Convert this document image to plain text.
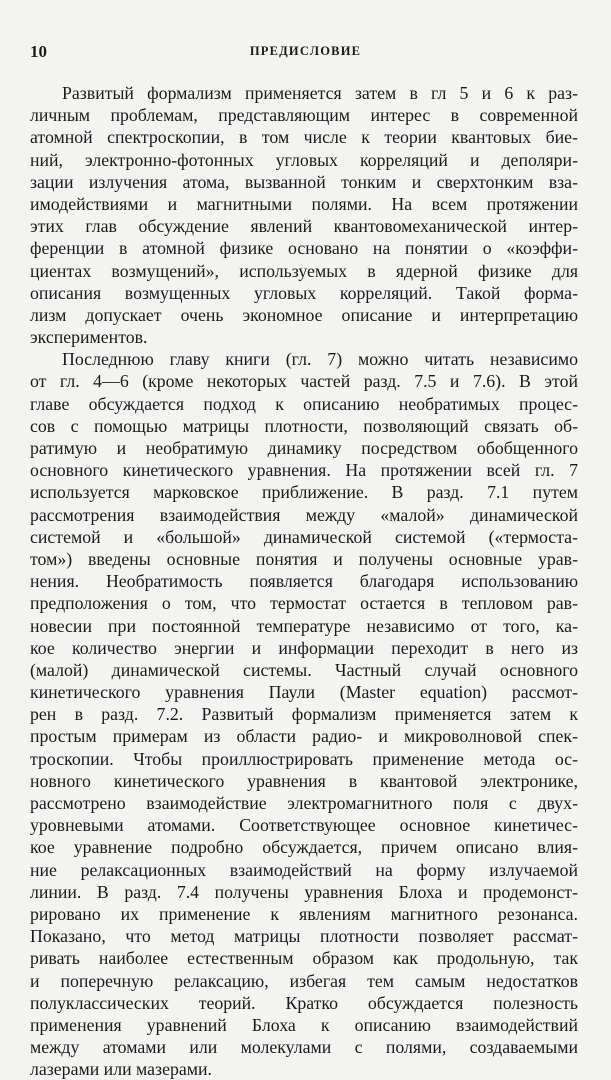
10	ПРЕДИСЛОВИЕ
Развитый формализм применяется затем в гл 5 и 6 к раз-
личным проблемам, представляющим интерес в современной
атомной спектроскопии, в том числе к теории квантовых бие-
ний, электронно-фотонных угловых корреляций и деполяри-
зации излучения атома, вызванной тонким и сверхтонким вза-
имодействиями и магнитными полями. На всем протяжении
этих глав обсуждение явлений квантовомеханической интер-
ференции в атомной физике основано на понятии о «коэффи-
циентах возмущений», используемых в ядерной физике для
описания возмущенных угловых корреляций. Такой форма-
лизм допускает очень экономное описание и интерпретацию
экспериментов.
Последнюю главу книги (гл. 7) можно читать независимо
от гл. 4—6 (кроме некоторых частей разд. 7.5 и 7.6). В этой
главе обсуждается подход к описанию необратимых процес-
сов с помощью матрицы плотности, позволяющий связать об-
ратимую и необратимую динамику посредством обобщенного
основного кинетического уравнения. На протяжении всей гл. 7
используется марковское приближение. В разд. 7.1 путем
рассмотрения взаимодействия между «малой» динамической
системой и «большой» динамической системой («термоста-
том») введены основные понятия и получены основные урав-
нения. Необратимость появляется благодаря использованию
предположения о том, что термостат остается в тепловом рав-
новесии при постоянной температуре независимо от того, ка-
кое количество энергии и информации переходит в него из
(малой) динамической системы. Частный случай основного
кинетического уравнения Паули (Master equation) рассмот-
рен в разд. 7.2. Развитый формализм применяется затем к
простым примерам из области радио- и микроволновой спек-
троскопии. Чтобы проиллюстрировать применение метода ос-
новного кинетического уравнения в квантовой электронике,
рассмотрено взаимодействие электромагнитного поля с двух-
уровневыми атомами. Соответствующее основное кинетичес-
кое уравнение подробно обсуждается, причем описано влия-
ние релаксационных взаимодействий на форму излучаемой
линии. В разд. 7.4 получены уравнения Блоха и продемонст-
рировано их применение к явлениям магнитного резонанса.
Показано, что метод матрицы плотности позволяет рассмат-
ривать наиболее естественным образом как продольную, так
и поперечную релаксацию, избегая тем самым недостатков
полуклассических теорий. Кратко обсуждается полезность
применения уравнений Блоха к описанию взаимодействий
между атомами или молекулами с полями, создаваемыми
лазерами или мазерами.
